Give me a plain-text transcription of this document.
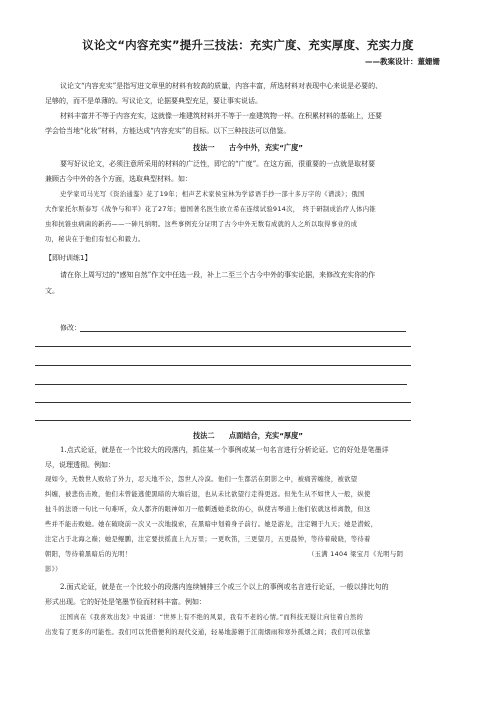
议论文“内容充实”提升三技法：充实广度、充实厚度、充实力度
——教案设计：董姗姗
议论文“内容充实”是指写进文章里的材料有较高的质量，内容丰富，所选材料对表现中心来说是必要的、
足够的，而不是单薄的。写议论文，论据要典型充足，要让事实说话。
材料丰富并不等于内容充实，这就像一堆建筑材料并不等于一座建筑物一样。在积累材料的基础上，还要
学会恰当地“化妆”材料，方能达成“内容充实”的目标。以下三种技法可以借鉴。
技法一　　古今中外，充实“广度”
要写好议论文，必须注意所采用的材料的广泛性，即它的“广度”。在这方面，很重要的一点就是取材要
兼顾古今中外的各个方面，选取典型材料。如：
史学家司马光写《资治通鉴》花了19年；相声艺术家侯宝林为学谚语手抄一部十多万字的《谱淡》；俄国
大作家托尔斯泰写《战争与和平》花了27年；德国著名医生欧立希在连续试验914次，　终于研制成治疗人体内锥
虫和抗锥虫病菌的新药——一砷凡纳明。这些事例充分证明了古今中外无数有成就的人之所以取得事业的成
功，秘诀在于他们有恒心和毅力。
【即时训练1】
请在你上周写过的“感知自然”作文中任选一段，补上二至三个古今中外的事实论据，来修改充实你的作
文。
修改：
技法二　　点面结合，充实“厚度”
1.点式论证，就是在一个比较大的段落内，抓住某一个事例或某一句名言进行分析论证。它的好处是笔墨详
尽，说理透彻。例如：
现如今，无数世人败给了外力，忍天地不公，怨世人冷漠。他们一生都活在阴影之中，被痛苦缠绕，被欲望
纠缠，被悲伤击败，他们未曾能逃使黑暗的大墙后退，也从未比欲望行走得更远。但先生从不如世人一般，纵使
扯斗的法语一句比一句难听，众人都齐的眼神如刀一般刺透她柔软的心，纵使古琴道上他们依就这样离散，但这
些并不能击败她。她在破晓前一次又一次地摸索，在黑暗中划着身子前行。她是游龙，注定翱于九天；她是潜蛟，
注定占于北海之巅；她是鲲鹏，注定要扶摇直上九万里；一更吹笛，三更望月，五更晨钟，等待着破晓，等待着
朝阳，等待着黑暗后的光明！	（玉满 1404 梁宝月《光明与阴
影》）
2.面式论证，就是在一个比较小的段落内连续铺排三个或三个以上的事例或名言进行论证，一般以排比句的
形式出现。它的好处是笔墨节俭而材料丰富。例如：
汪国真在《我喜欢出发》中说道：“世界上有不绝的风景，我有不老的心情。”而科技无疑让向往着自然的
出发有了更多的可能性。我们可以凭借便利的现代交通，轻易地游翱于江南烟雨和寒外孤烟之间；我们可以依靠
